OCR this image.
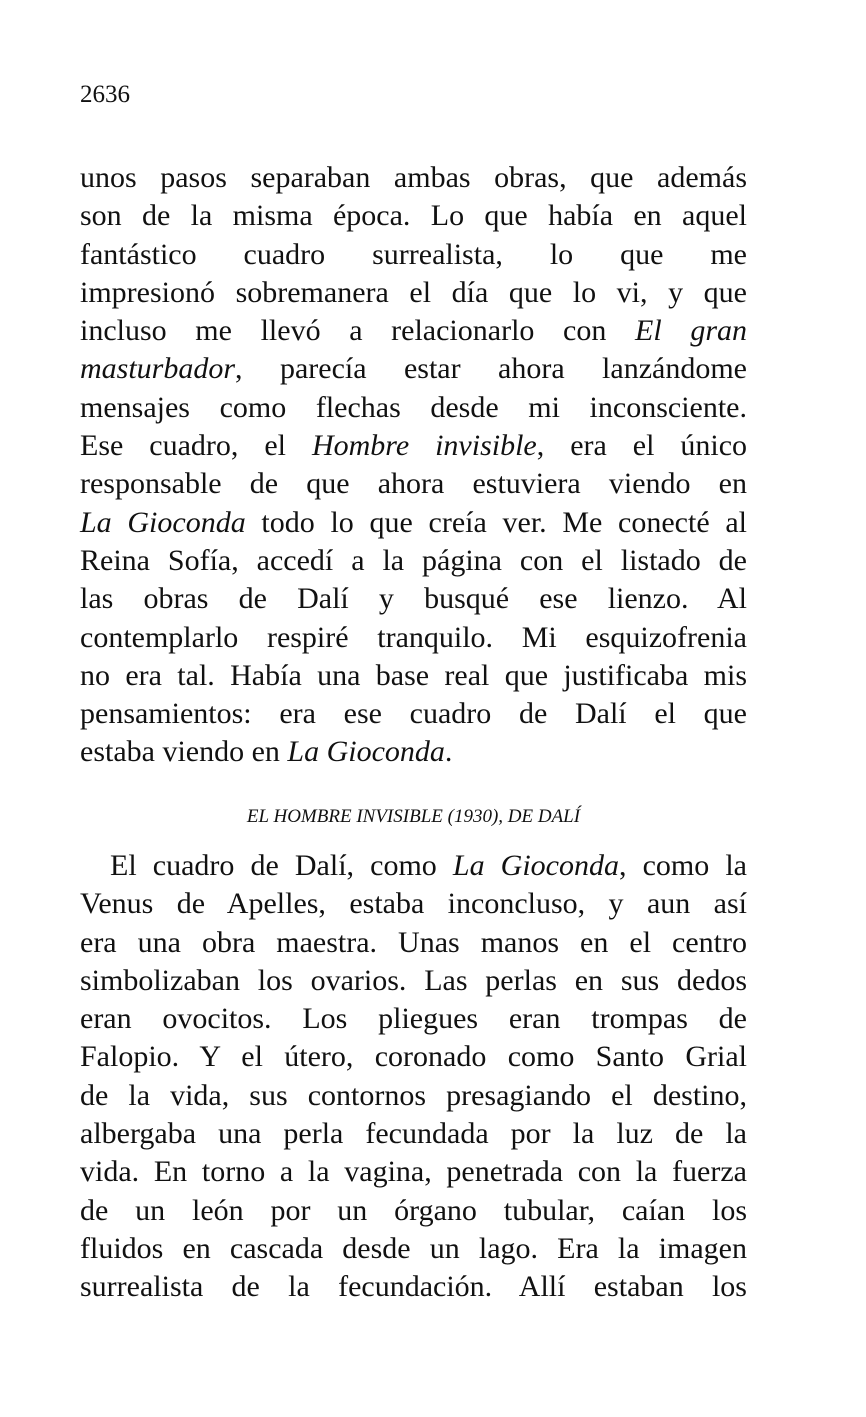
2636

unos pasos separaban ambas obras, que además
son de la misma época. Lo que había en aquel
fantástico cuadro surrealista, lo que me
impresionó sobremanera el día que lo vi, y que
incluso me llevó a relacionarlo con El gran
masturbador, parecía estar ahora lanzándome
mensajes como flechas desde mi inconsciente.
Ese cuadro, el Hombre invisible, era el único
responsable de que ahora estuviera viendo en
La Gioconda todo lo que creía ver. Me conecté al
Reina Sofía, accedí a la página con el listado de
las obras de Dalí y busqué ese lienzo. Al
contemplarlo respiré tranquilo. Mi esquizofrenia
no era tal. Había una base real que justificaba mis
pensamientos: era ese cuadro de Dalí el que
estaba viendo en La Gioconda.

EL HOMBRE INVISIBLE (1930), DE DALÍ

El cuadro de Dalí, como La Gioconda, como la
Venus de Apelles, estaba inconcluso, y aun así
era una obra maestra. Unas manos en el centro
simbolizaban los ovarios. Las perlas en sus dedos
eran ovocitos. Los pliegues eran trompas de
Falopio. Y el útero, coronado como Santo Grial
de la vida, sus contornos presagiando el destino,
albergaba una perla fecundada por la luz de la
vida. En torno a la vagina, penetrada con la fuerza
de un león por un órgano tubular, caían los
fluidos en cascada desde un lago. Era la imagen
surrealista de la fecundación. Allí estaban los
